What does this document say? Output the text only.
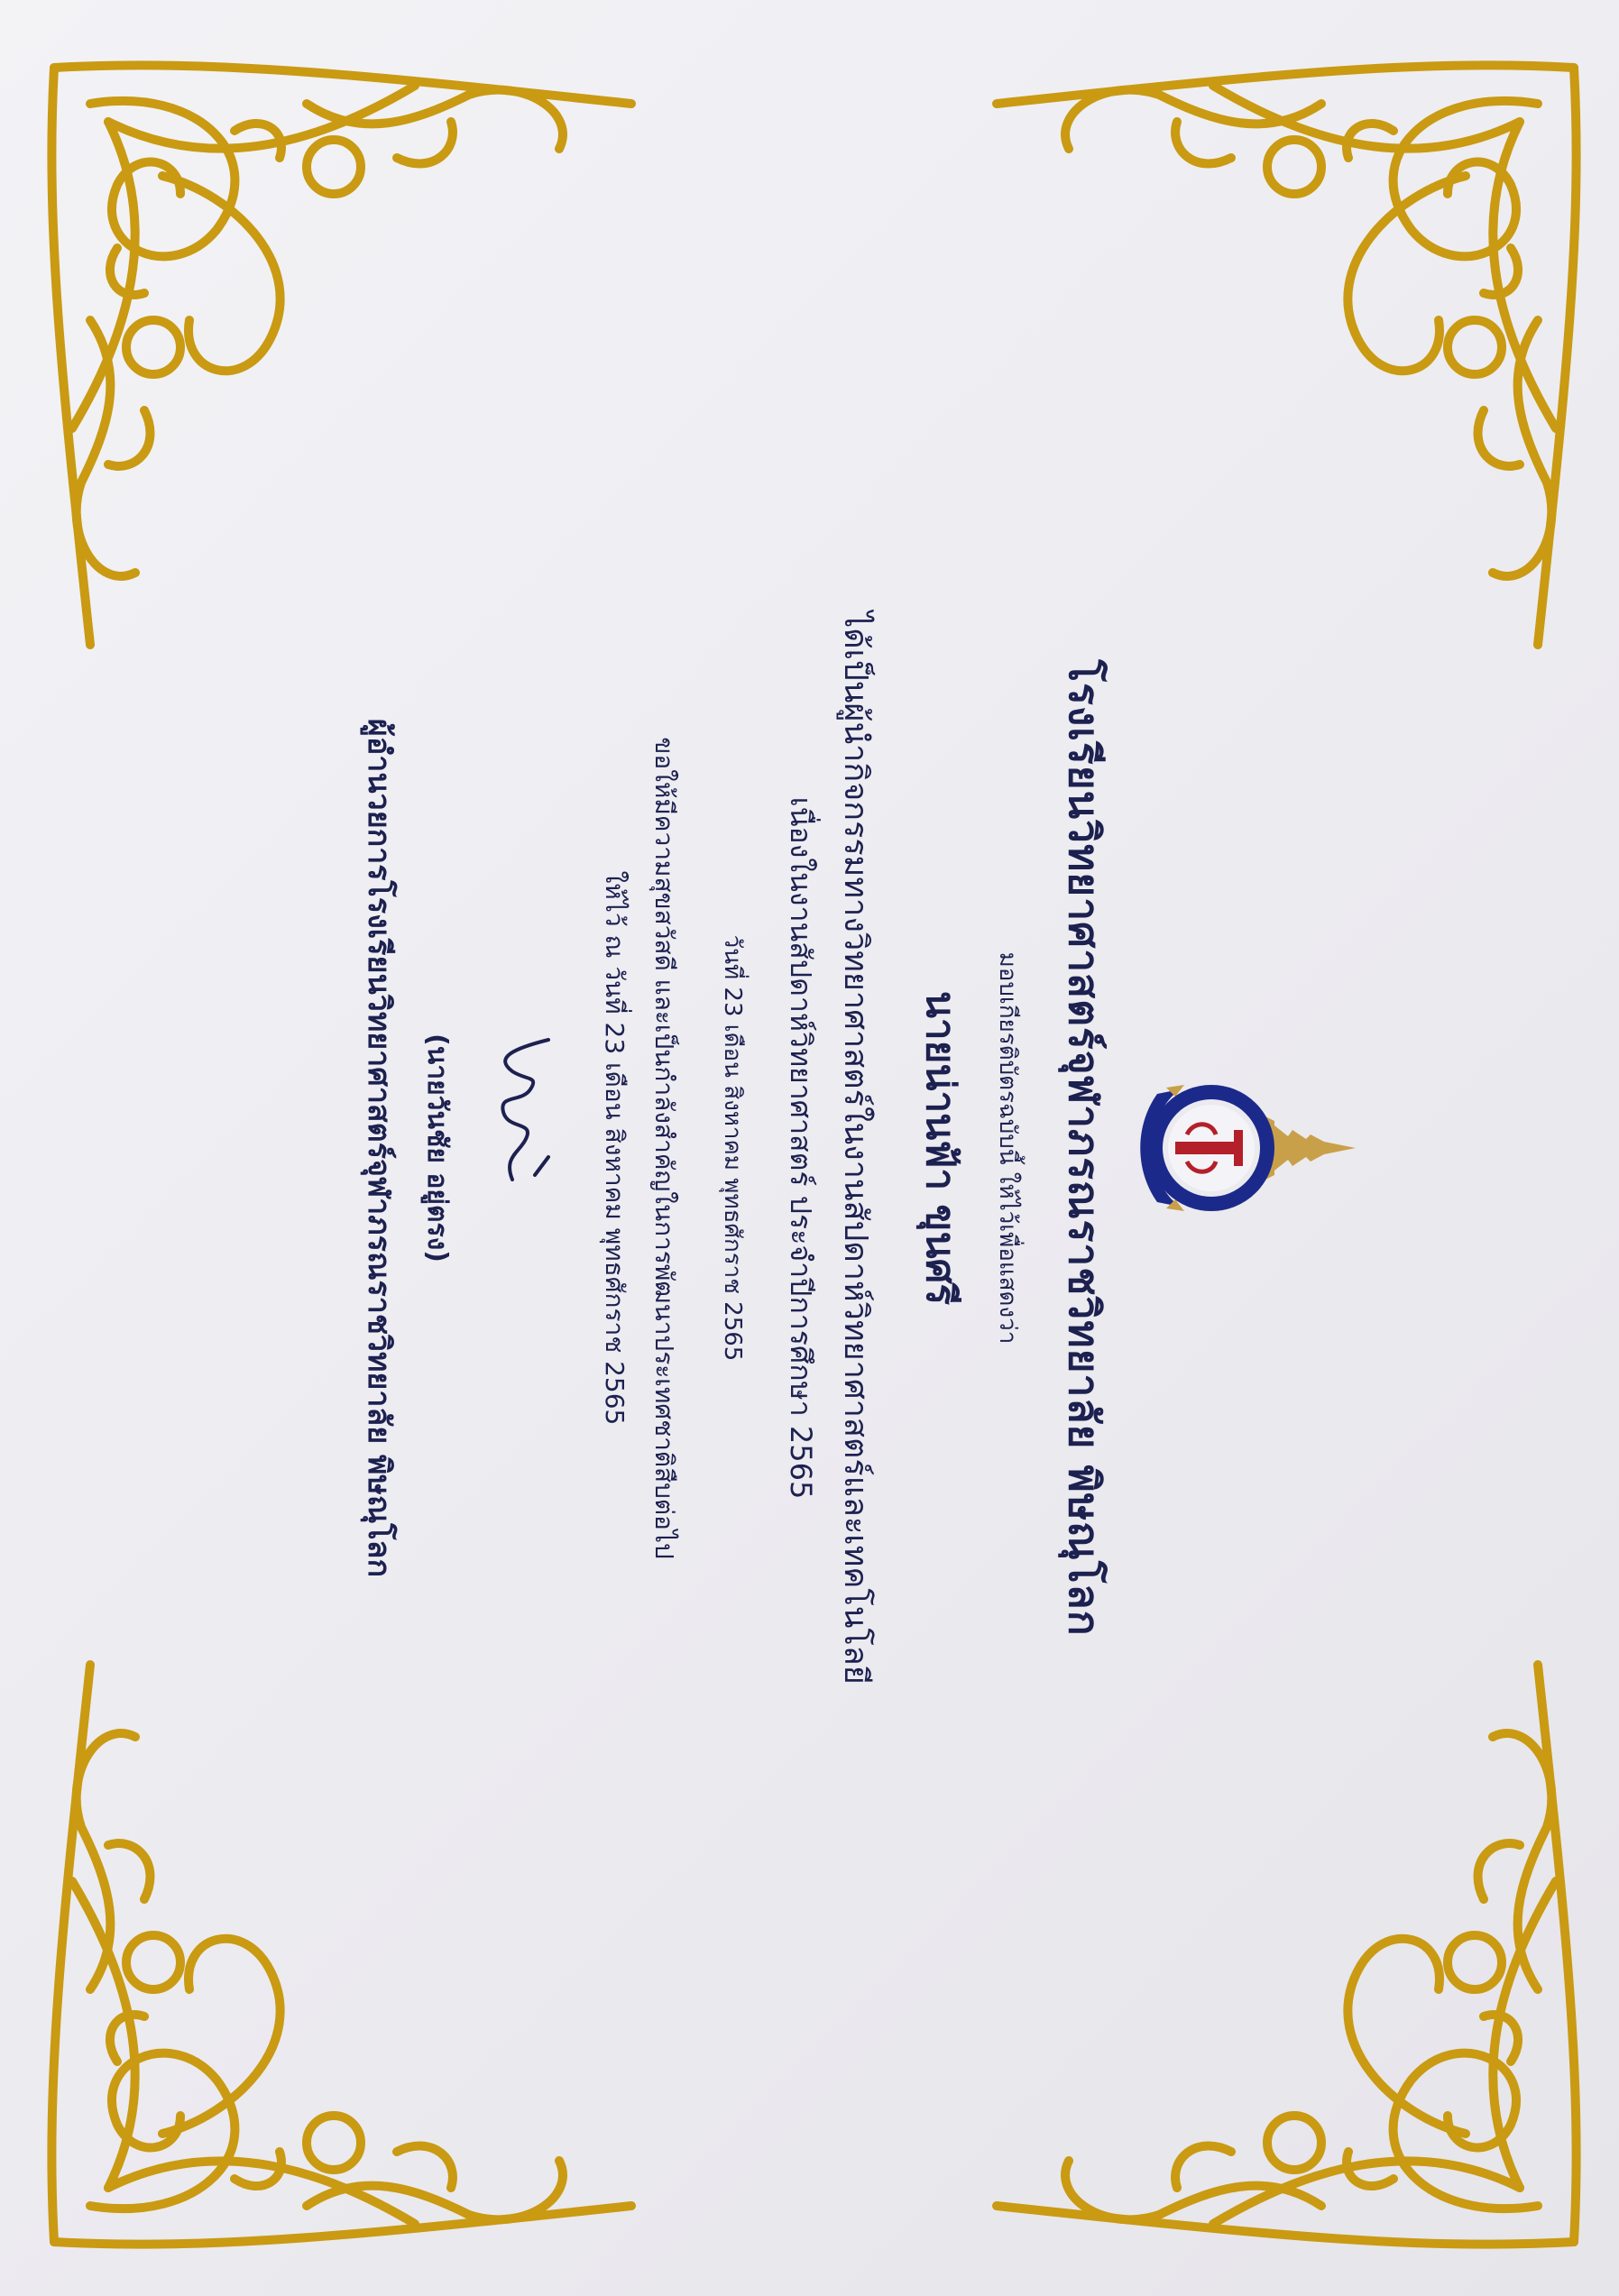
โรงเรียนวิทยาศาสตร์จุฬาภรณราชวิทยาลัย พิษณุโลก
มอบเกียรติบัตรฉบับนี้ ให้ไว้เพื่อแสดงว่า
นายน่านฟ้า ขุนศรี
ได้เป็นผู้นำกิจกรรมทางวิทยาศาสตร์ในงานสัปดาห์วิทยาศาสตร์และเทคโนโลยี
เนื่องในงานสัปดาห์วิทยาศาสตร์ ประจำปีการศึกษา 2565
วันที่ 23 เดือน สิงหาคม พุทธศักราช 2565
ขอให้มีความสุขสวัสดี และเป็นกำลังสำคัญในการพัฒนาประเทศชาติสืบต่อไป
ให้ไว้ ณ วันที่ 23 เดือน สิงหาคม พุทธศักราช 2565
(นายวันชัย อยู่ตรง)
ผู้อำนวยการโรงเรียนวิทยาศาสตร์จุฬาภรณราชวิทยาลัย พิษณุโลก
